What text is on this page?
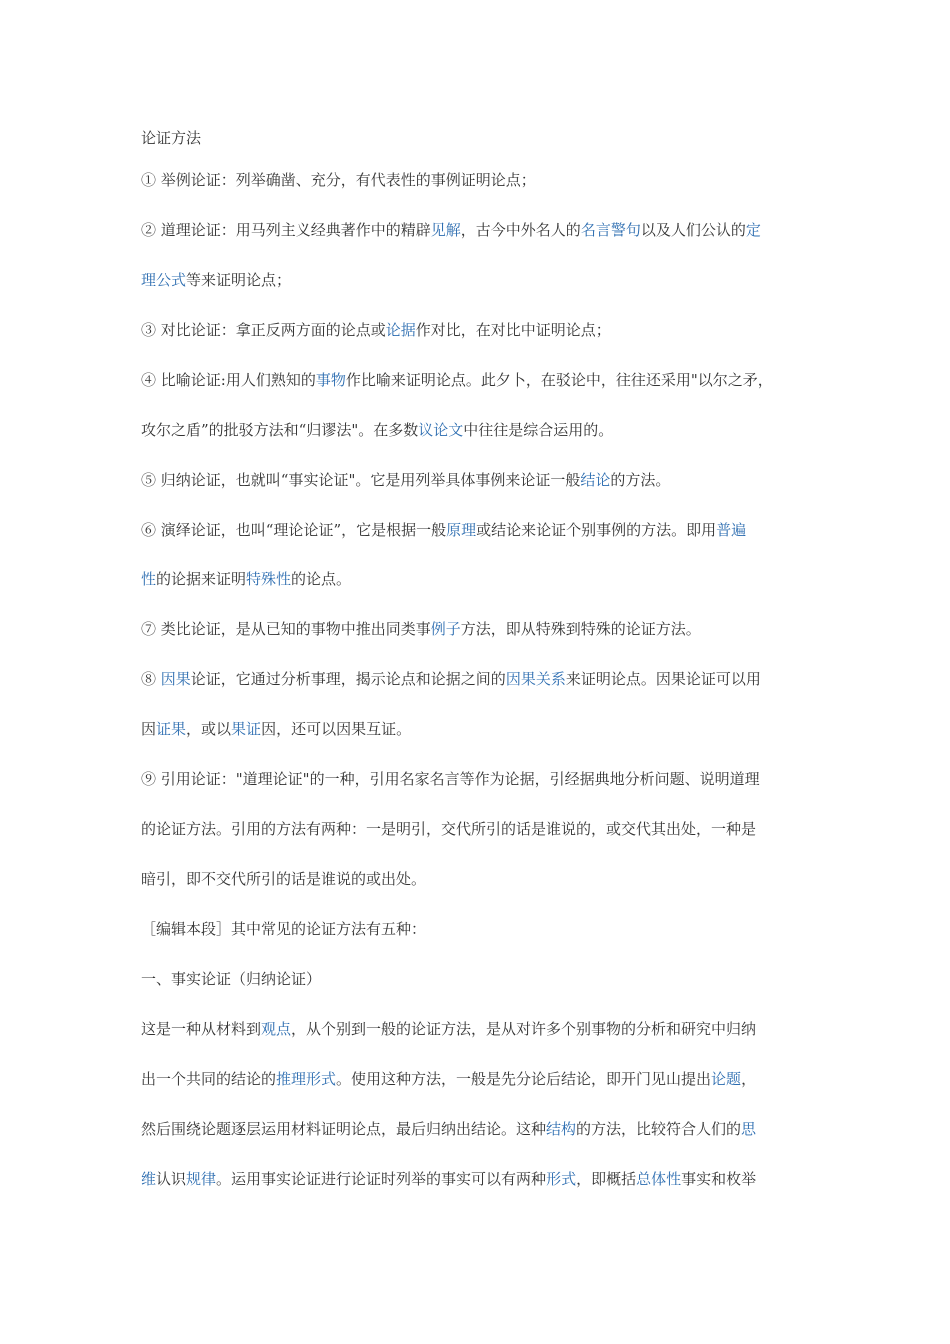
论证方法
① 举例论证：列举确凿、充分，有代表性的事例证明论点；
② 道理论证：用马列主义经典著作中的精辟见解，古今中外名人的名言警句以及人们公认的定
理公式等来证明论点；
③ 对比论证：拿正反两方面的论点或论据作对比，在对比中证明论点；
④ 比喻论证:用人们熟知的事物作比喻来证明论点。此夕卜，在驳论中，往往还采用"以尔之矛，
攻尔之盾”的批驳方法和“归谬法"。在多数议论文中往往是综合运用的。
⑤ 归纳论证，也就叫“事实论证"。它是用列举具体事例来论证一般结论的方法。
⑥ 演绎论证，也叫“理论论证”，它是根据一般原理或结论来论证个别事例的方法。即用普遍
性的论据来证明特殊性的论点。
⑦ 类比论证，是从已知的事物中推出同类事例子方法，即从特殊到特殊的论证方法。
⑧ 因果论证，它通过分析事理，揭示论点和论据之间的因果关系来证明论点。因果论证可以用
因证果，或以果证因，还可以因果互证。
⑨ 引用论证："道理论证"的一种，引用名家名言等作为论据，引经据典地分析问题、说明道理
的论证方法。引用的方法有两种：一是明引，交代所引的话是谁说的，或交代其出处，一种是
暗引，即不交代所引的话是谁说的或出处。
［编辑本段］其中常见的论证方法有五种：
一、事实论证（归纳论证）
这是一种从材料到观点，从个别到一般的论证方法，是从对许多个别事物的分析和研究中归纳
出一个共同的结论的推理形式。使用这种方法，一般是先分论后结论，即开门见山提出论题，
然后围绕论题逐层运用材料证明论点，最后归纳出结论。这种结构的方法，比较符合人们的思
维认识规律。运用事实论证进行论证时列举的事实可以有两种形式，即概括总体性事实和枚举
